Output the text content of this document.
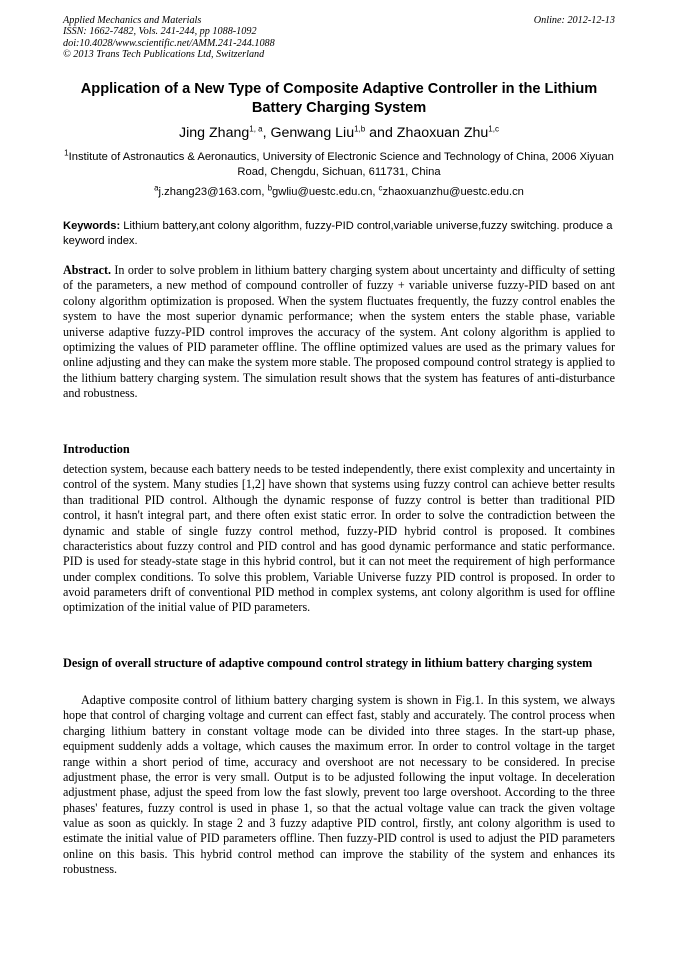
Online: 2012-12-13
Applied Mechanics and Materials
ISSN: 1662-7482, Vols. 241-244, pp 1088-1092
doi:10.4028/www.scientific.net/AMM.241-244.1088
© 2013 Trans Tech Publications Ltd, Switzerland
Application of a New Type of Composite Adaptive Controller in the Lithium Battery Charging System
Jing Zhang$^{1, a}$, Genwang Liu$^{1,b}$ and Zhaoxuan Zhu$^{1,c}$
$^1$Institute of Astronautics & Aeronautics, University of Electronic Science and Technology of China, 2006 Xiyuan Road, Chengdu, Sichuan, 611731, China
$^a$j.zhang23@163.com, $^b$gwliu@uestc.edu.cn, $^c$zhaoxuanzhu@uestc.edu.cn
Keywords: Lithium battery,ant colony algorithm, fuzzy-PID control,variable universe,fuzzy switching. produce a keyword index.
Abstract. In order to solve problem in lithium battery charging system about uncertainty and difficulty of setting of the parameters, a new method of compound controller of fuzzy + variable universe fuzzy-PID based on ant colony algorithm optimization is proposed. When the system fluctuates frequently, the fuzzy control enables the system to have the most superior dynamic performance; when the system enters the stable phase, variable universe adaptive fuzzy-PID control improves the accuracy of the system. Ant colony algorithm is applied to optimizing the values of PID parameter offline. The offline optimized values are used as the primary values for online adjusting and they can make the system more stable. The proposed compound control strategy is applied to the lithium battery charging system. The simulation result shows that the system has features of anti-disturbance and robustness.
Introduction
detection system, because each battery needs to be tested independently, there exist complexity and uncertainty in control of the system. Many studies [1,2] have shown that systems using fuzzy control can achieve better results than traditional PID control. Although the dynamic response of fuzzy control is better than traditional PID control, it hasn't integral part, and there often exist static error. In order to solve the contradiction between the dynamic and stable of single fuzzy control method, fuzzy-PID hybrid control is proposed. It combines characteristics about fuzzy control and PID control and has good dynamic performance and static performance. PID is used for steady-state stage in this hybrid control, but it can not meet the requirement of high performance under complex conditions. To solve this problem, Variable Universe fuzzy PID control is proposed. In order to avoid parameters drift of conventional PID method in complex systems, ant colony algorithm is used for offline optimization of the initial value of PID parameters.
Design of overall structure of adaptive compound control strategy in lithium battery charging system
Adaptive composite control of lithium battery charging system is shown in Fig.1. In this system, we always hope that control of charging voltage and current can effect fast, stably and accurately. The control process when charging lithium battery in constant voltage mode can be divided into three stages. In the start-up phase, equipment suddenly adds a voltage, which causes the maximum error. In order to control voltage in the target range within a short period of time, accuracy and overshoot are not necessary to be considered. In precise adjustment phase, the error is very small. Output is to be adjusted following the input voltage. In deceleration adjustment phase, adjust the speed from low the fast slowly, prevent too large overshoot. According to the three phases' features, fuzzy control is used in phase 1, so that the actual voltage value can track the given voltage value as soon as quickly. In stage 2 and 3 fuzzy adaptive PID control, firstly, ant colony algorithm is used to estimate the initial value of PID parameters offline. Then fuzzy-PID control is used to adjust the PID parameters online on this basis. This hybrid control method can improve the stability of the system and enhances its robustness.
